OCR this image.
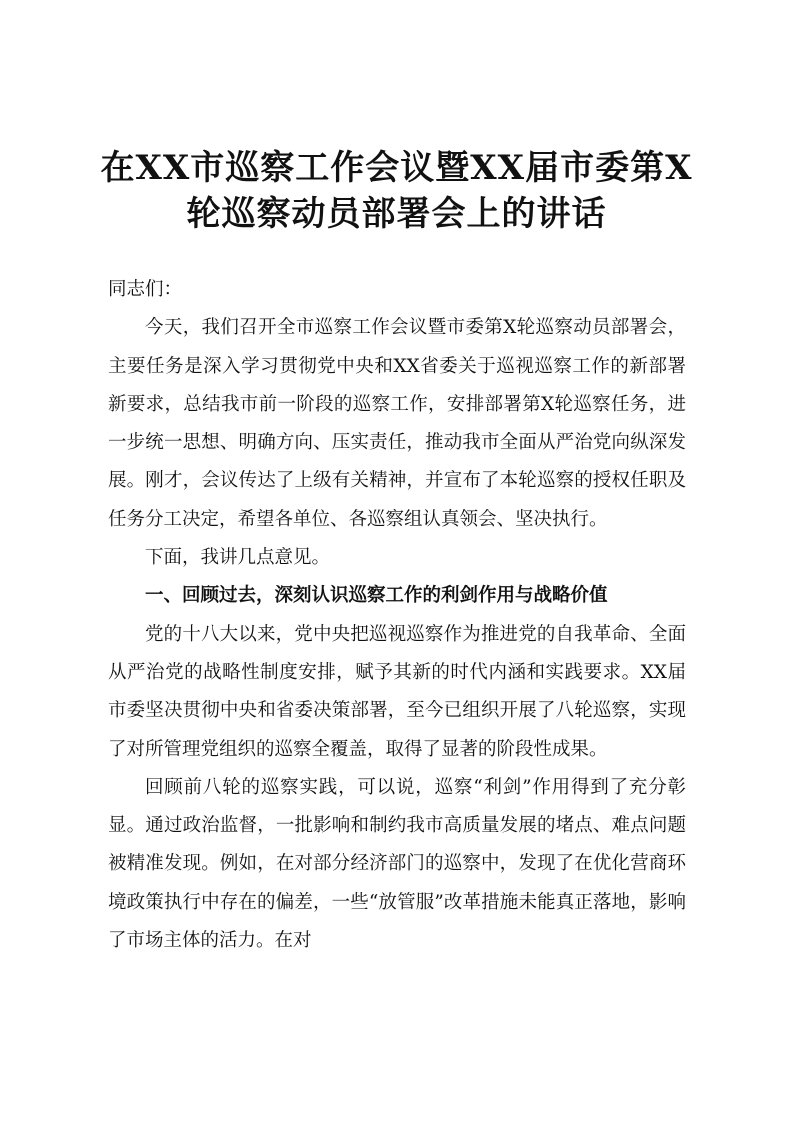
在XX市巡察工作会议暨XX届市委第X
轮巡察动员部署会上的讲话

同志们：

今天，我们召开全市巡察工作会议暨市委第X轮巡察动员部署会，主要任务是深入学习贯彻党中央和XX省委关于巡视巡察工作的新部署新要求，总结我市前一阶段的巡察工作，安排部署第X轮巡察任务，进一步统一思想、明确方向、压实责任，推动我市全面从严治党向纵深发展。刚才，会议传达了上级有关精神，并宣布了本轮巡察的授权任职及任务分工决定，希望各单位、各巡察组认真领会、坚决执行。

下面，我讲几点意见。

一、回顾过去，深刻认识巡察工作的利剑作用与战略价值

党的十八大以来，党中央把巡视巡察作为推进党的自我革命、全面从严治党的战略性制度安排，赋予其新的时代内涵和实践要求。XX届市委坚决贯彻中央和省委决策部署，至今已组织开展了八轮巡察，实现了对所管理党组织的巡察全覆盖，取得了显著的阶段性成果。

回顾前八轮的巡察实践，可以说，巡察“利剑”作用得到了充分彰显。通过政治监督，一批影响和制约我市高质量发展的堵点、难点问题被精准发现。例如，在对部分经济部门的巡察中，发现了在优化营商环境政策执行中存在的偏差，一些“放管服”改革措施未能真正落地，影响了市场主体的活力。在对
